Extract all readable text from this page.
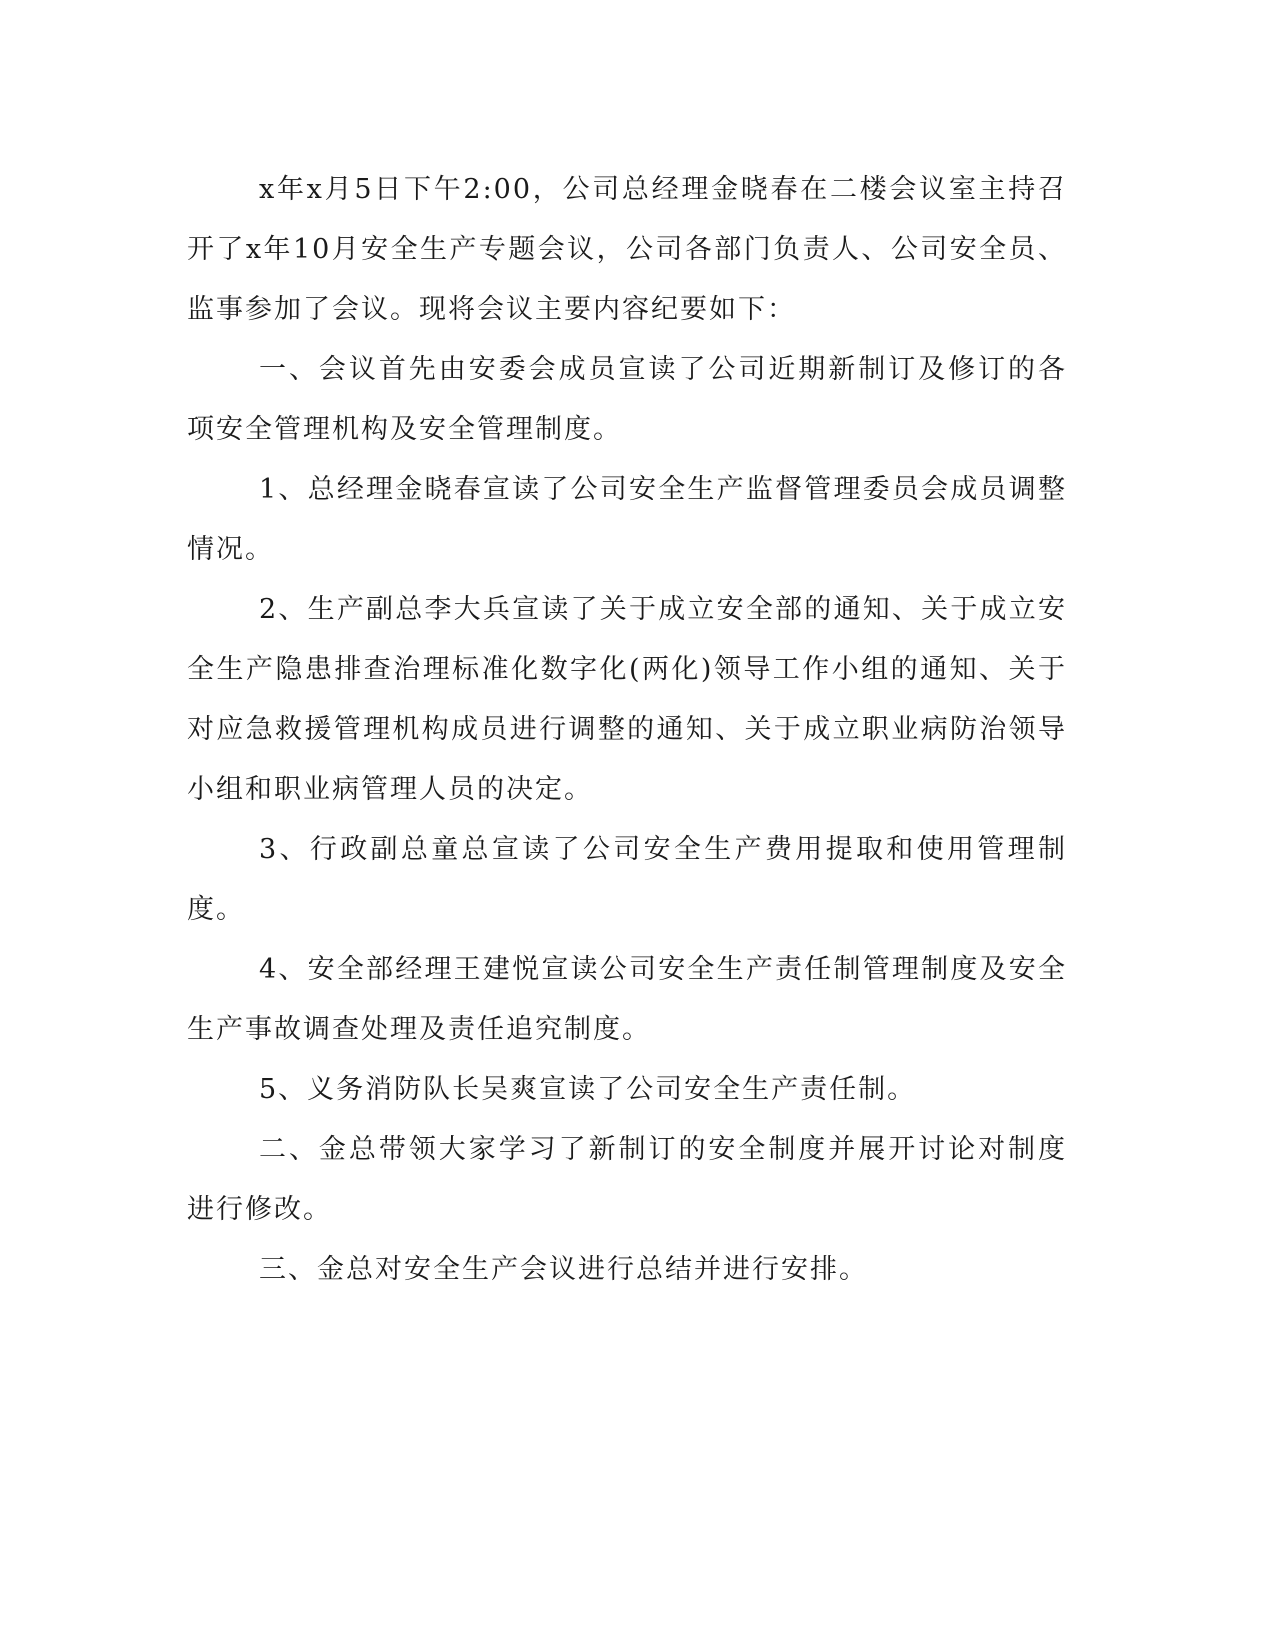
x年x月5日下午2:00，公司总经理金晓春在二楼会议室主持召开了x年10月安全生产专题会议，公司各部门负责人、公司安全员、监事参加了会议。现将会议主要内容纪要如下：

一、会议首先由安委会成员宣读了公司近期新制订及修订的各项安全管理机构及安全管理制度。

1、总经理金晓春宣读了公司安全生产监督管理委员会成员调整情况。

2、生产副总李大兵宣读了关于成立安全部的通知、关于成立安全生产隐患排查治理标准化数字化(两化)领导工作小组的通知、关于对应急救援管理机构成员进行调整的通知、关于成立职业病防治领导小组和职业病管理人员的决定。

3、行政副总童总宣读了公司安全生产费用提取和使用管理制度。

4、安全部经理王建悦宣读公司安全生产责任制管理制度及安全生产事故调查处理及责任追究制度。

5、义务消防队长吴爽宣读了公司安全生产责任制。

二、金总带领大家学习了新制订的安全制度并展开讨论对制度进行修改。

三、金总对安全生产会议进行总结并进行安排。
